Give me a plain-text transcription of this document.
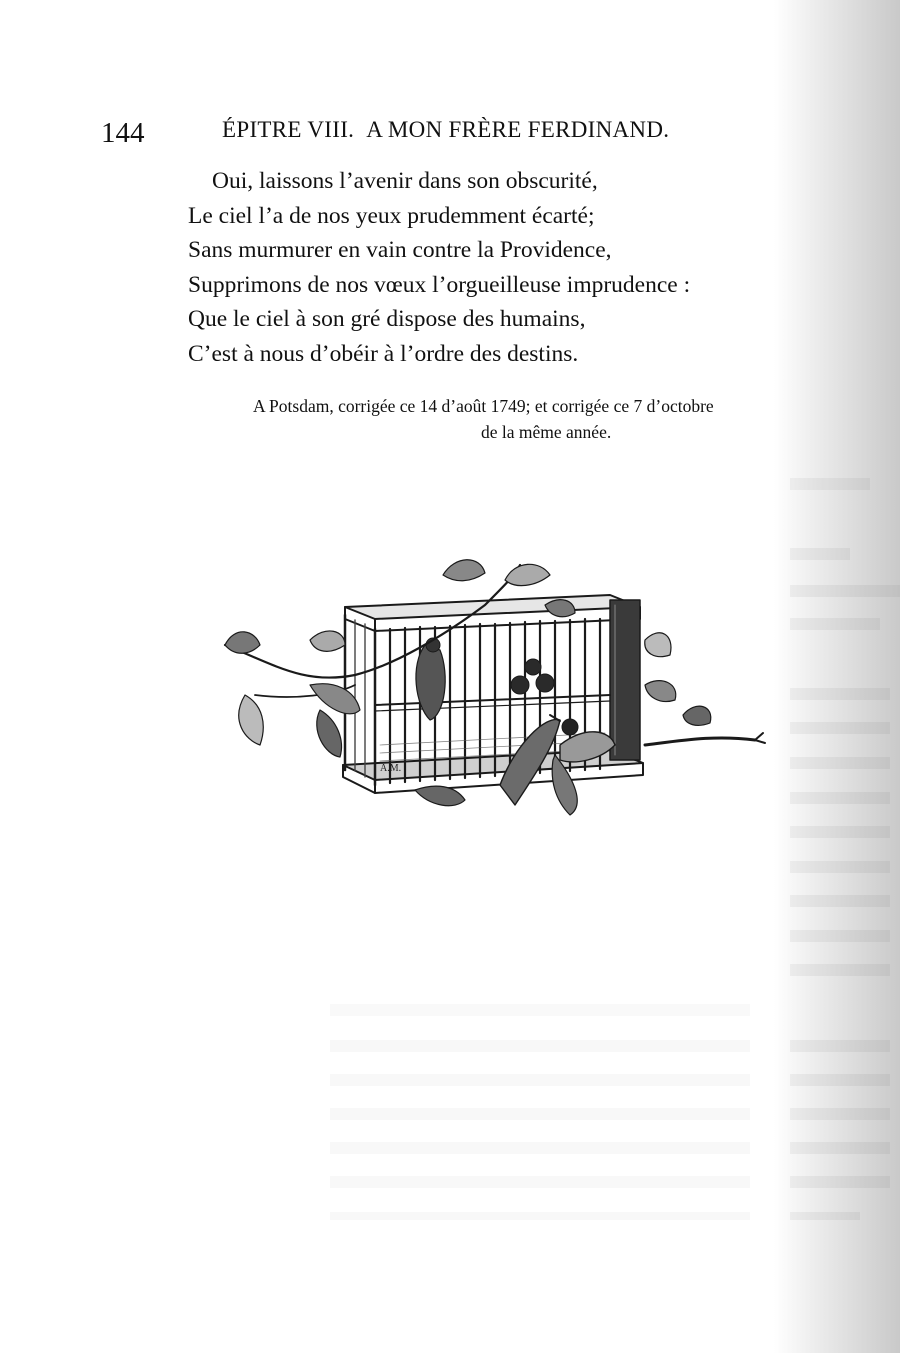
144	ÉPITRE VIII. A MON FRÈRE FERDINAND.
Oui, laissons l’avenir dans son obscurité,
Le ciel l’a de nos yeux prudemment écarté;
Sans murmurer en vain contre la Providence,
Supprimons de nos vœux l’orgueilleuse imprudence :
Que le ciel à son gré dispose des humains,
C’est à nous d’obéir à l’ordre des destins.
A Potsdam, corrigée ce 14 d’août 1749; et corrigée ce 7 d’octobre
de la même année.
A.M.
